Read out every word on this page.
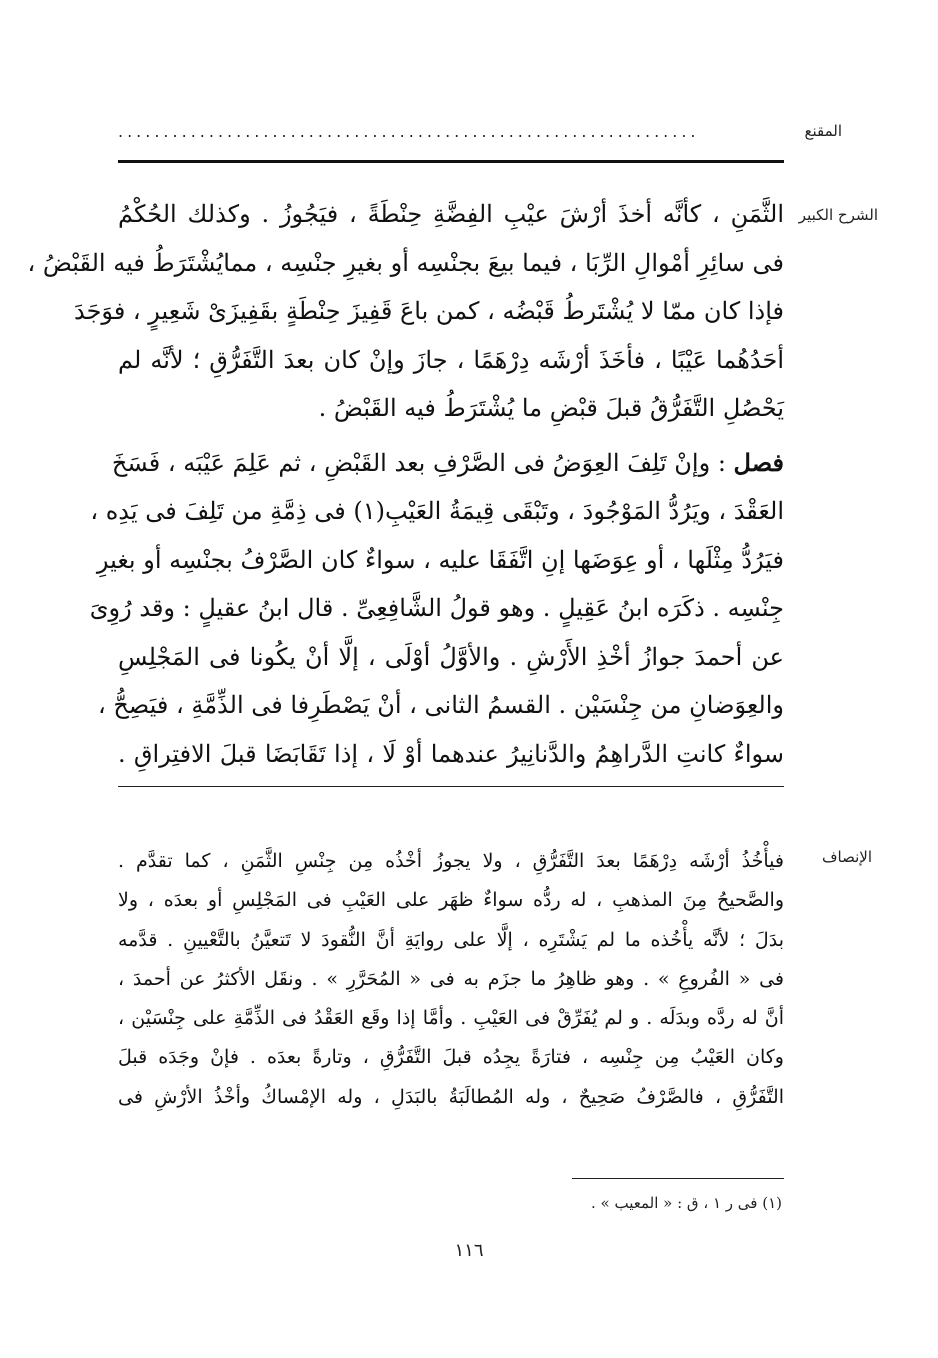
المقنع
................................................................
الشرح الكبير
الثَّمَنِ ، كأنَّه أخذَ أرْشَ عيْبِ الفِضَّةِ حِنْطَةً ، فيَجُوزُ . وكذلك الحُكْمُ
فى سائِرِ أمْوالِ الرِّبَا ، فيما بيعَ بجنْسِه أو بغيرِ جنْسِه ، ممايُشْتَرَطُ فيه القَبْضُ ،
فإذا كان ممّا لا يُشْتَرطُ قَبْضُه ، كمن باعَ قَفِيزَ حِنْطَةٍ بقَفِيزَىْ شَعِيرٍ ، فوَجَدَ
أحَدُهُما عَيْبًا ، فأخَذَ أرْشَه دِرْهَمًا ، جازَ وإنْ كان بعدَ التَّفَرُّقِ ؛ لأنَّه لم
يَحْصُلِ التَّفَرُّقُ قبلَ قبْضِ ما يُشْتَرَطُ فيه القَبْضُ .
فصل : وإنْ تَلِفَ العِوَضُ فى الصَّرْفِ بعد القَبْضِ ، ثم عَلِمَ عَيْبَه ، فَسَخَ
العَقْدَ ، ويَرُدُّ المَوْجُودَ ، وتَبْقَى قِيمَةُ العَيْبِ(١) فى ذِمَّةِ من تَلِفَ فى يَدِه ،
فيَرُدُّ مِثْلَها ، أو عِوَضَها إنِ اتَّفَقَا عليه ، سواءٌ كان الصَّرْفُ بجنْسِه أو بغيرِ
جِنْسِه . ذكَرَه ابنُ عَقِيلٍ . وهو قولُ الشَّافِعِىِّ . قال ابنُ عقيلٍ : وقد رُوِىَ
عن أحمدَ جوازُ أخْذِ الأَرْشِ . والأوَّلُ أوْلَى ، إلَّا أنْ يكُونا فى المَجْلِسِ
والعِوَضانِ من جِنْسَيْن . القسمُ الثانى ، أنْ يَصْطَرِفا فى الذِّمَّةِ ، فيَصِحُّ ،
سواءٌ كانتِ الدَّراهِمُ والدَّنانِيرُ عندهما أوْ لَا ، إذا تَقَابَضَا قبلَ الافتِراقِ .
الإنصاف
فيأْخُذُ أرْشَه دِرْهَمًا بعدَ التَّفَرُّقِ ، ولا يجوزُ أخْذُه مِن جِنْسِ الثَّمَنِ ، كما تقدَّم .
والصَّحيحُ مِنَ المذهبِ ، له ردُّه سواءٌ ظهَر على العَيْبِ فى المَجْلِسِ أو بعدَه ، ولا
بدَلَ ؛ لأنَّه يأْخُذه ما لم يَشْتَرِه ، إلَّا على روايَةِ أنَّ النُّقودَ لا تَتعيَّنُ بالتَّعْيينِ . قدَّمه
فى « الفُروعِ » . وهو ظاهِرُ ما جزَم به فى « المُحَرَّرِ » . ونقَل الأكثرُ عن أحمدَ ،
أنَّ له ردَّه وبدَلَه . و لم يُفَرِّقْ فى العَيْبِ . وأمَّا إذا وقَع العَقْدُ فى الذِّمَّةِ على جِنْسَيْن ،
وكان العَيْبُ مِن جِنْسِه ، فتارَةً يجِدُه قبلَ التَّفَرُّقِ ، وتارةً بعدَه . فإنْ وجَدَه قبلَ
التَّفَرُّقِ ، فالصَّرْفُ صَحِيحٌ ، وله المُطالَبَةُ بالبَدَلِ ، وله الإمْساكُ وأخْذُ الأرْشِ فى
(١) فى ر ١ ، ق : « المعيب » .
١١٦
